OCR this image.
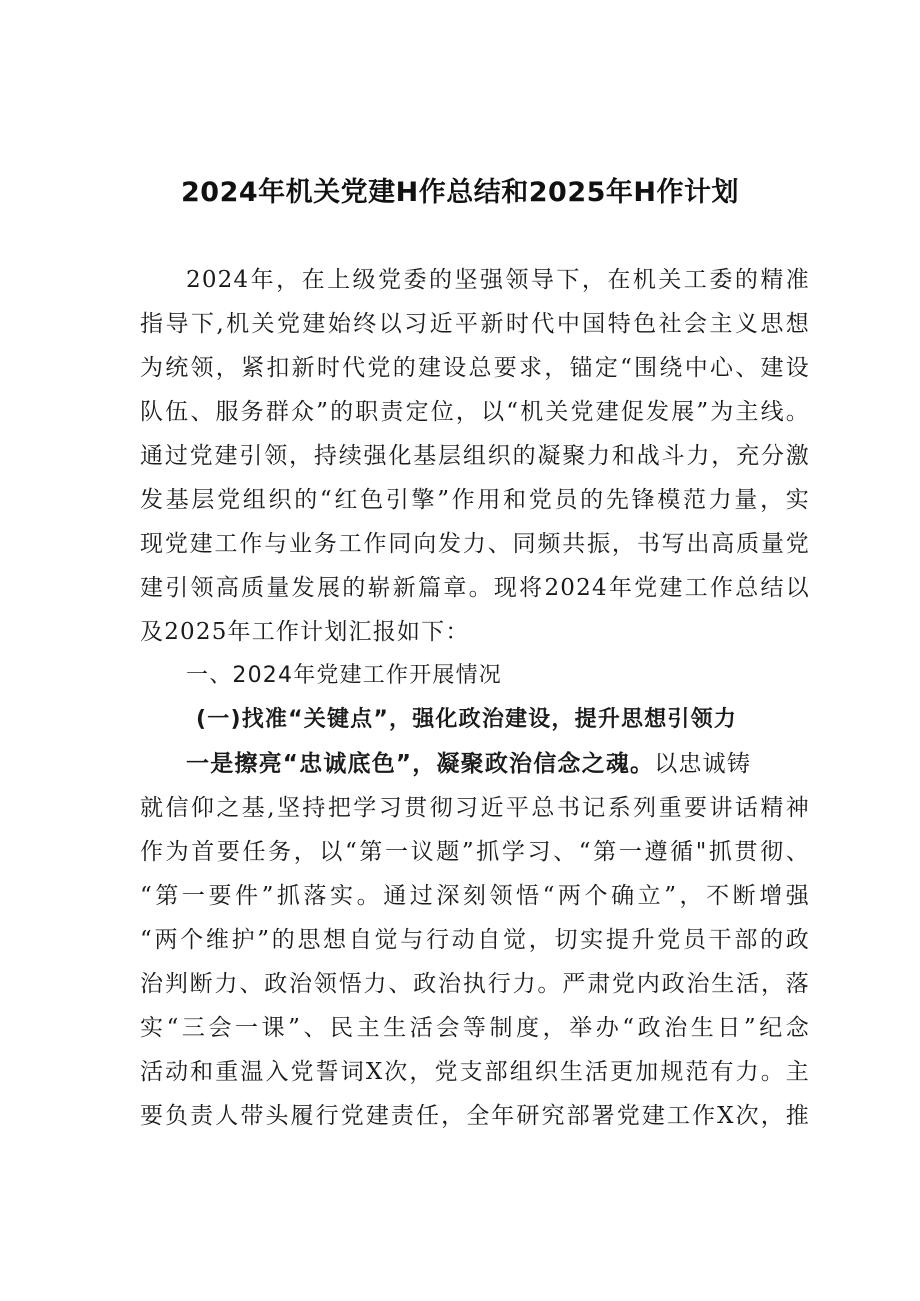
2024年机关党建H作总结和2025年H作计划
2024年，在上级党委的坚强领导下，在机关工委的精准
指导下,机关党建始终以习近平新时代中国特色社会主义思想
为统领，紧扣新时代党的建设总要求，锚定“围绕中心、建设
队伍、服务群众”的职责定位，以“机关党建促发展”为主线。
通过党建引领，持续强化基层组织的凝聚力和战斗力，充分激
发基层党组织的“红色引擎”作用和党员的先锋模范力量，实
现党建工作与业务工作同向发力、同频共振，书写出高质量党
建引领高质量发展的崭新篇章。现将2024年党建工作总结以
及2025年工作计划汇报如下：
一、2024年党建工作开展情况
(一)找准“关键点”，强化政治建设，提升思想引领力
一是擦亮“忠诚底色”，凝聚政治信念之魂。以忠诚铸
就信仰之基,坚持把学习贯彻习近平总书记系列重要讲话精神
作为首要任务，以“第一议题”抓学习、“第一遵循"抓贯彻、
“第一要件”抓落实。通过深刻领悟“两个确立”，不断增强
“两个维护”的思想自觉与行动自觉，切实提升党员干部的政
治判断力、政治领悟力、政治执行力。严肃党内政治生活，落
实“三会一课”、民主生活会等制度，举办“政治生日”纪念
活动和重温入党誓词X次，党支部组织生活更加规范有力。主
要负责人带头履行党建责任，全年研究部署党建工作X次，推
